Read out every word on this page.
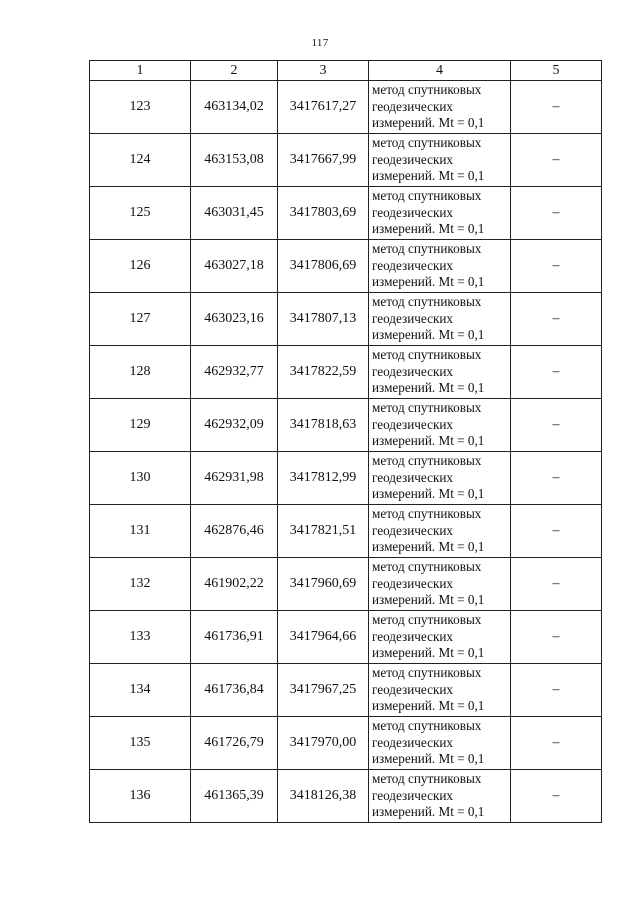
117
1	2	3	4	5
123	463134,02	3417617,27	метод спутниковых
геодезических
измерений. Mt = 0,1	–
124	463153,08	3417667,99	метод спутниковых
геодезических
измерений. Mt = 0,1	–
125	463031,45	3417803,69	метод спутниковых
геодезических
измерений. Mt = 0,1	–
126	463027,18	3417806,69	метод спутниковых
геодезических
измерений. Mt = 0,1	–
127	463023,16	3417807,13	метод спутниковых
геодезических
измерений. Mt = 0,1	–
128	462932,77	3417822,59	метод спутниковых
геодезических
измерений. Mt = 0,1	–
129	462932,09	3417818,63	метод спутниковых
геодезических
измерений. Mt = 0,1	–
130	462931,98	3417812,99	метод спутниковых
геодезических
измерений. Mt = 0,1	–
131	462876,46	3417821,51	метод спутниковых
геодезических
измерений. Mt = 0,1	–
132	461902,22	3417960,69	метод спутниковых
геодезических
измерений. Mt = 0,1	–
133	461736,91	3417964,66	метод спутниковых
геодезических
измерений. Mt = 0,1	–
134	461736,84	3417967,25	метод спутниковых
геодезических
измерений. Mt = 0,1	–
135	461726,79	3417970,00	метод спутниковых
геодезических
измерений. Mt = 0,1	–
136	461365,39	3418126,38	метод спутниковых
геодезических
измерений. Mt = 0,1	–
